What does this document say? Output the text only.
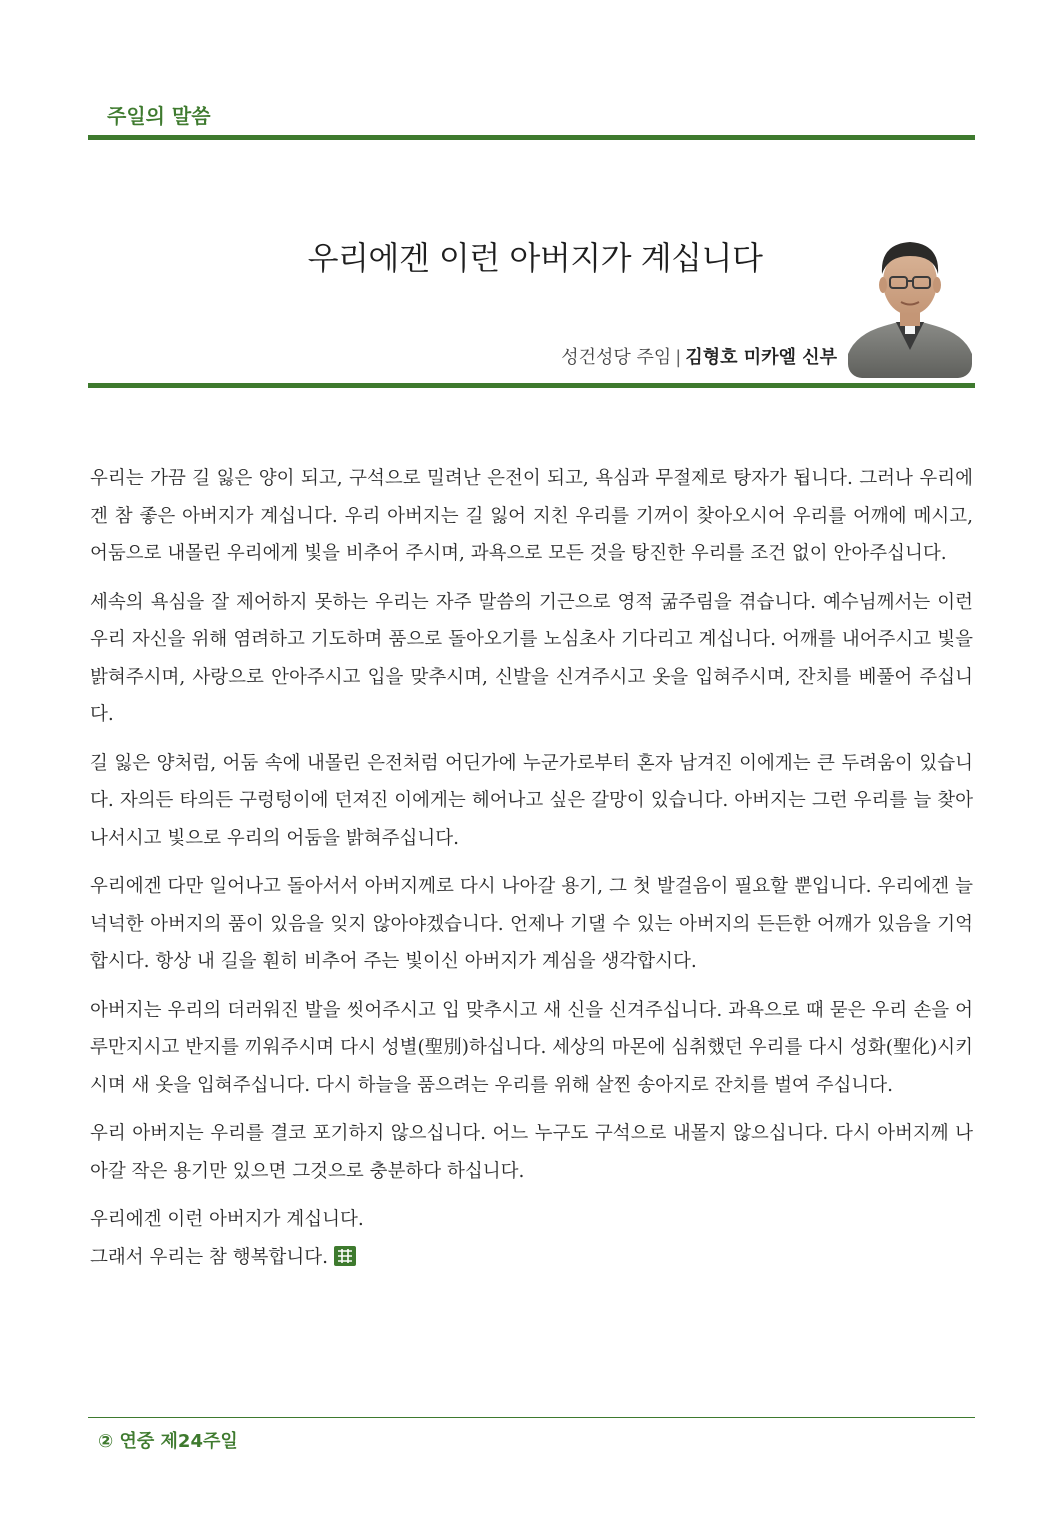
주일의 말씀
우리에겐 이런 아버지가 계십니다
성건성당 주임 | 김형호 미카엘 신부

우리는 가끔 길 잃은 양이 되고, 구석으로 밀려난 은전이 되고, 욕심과 무절제로 탕자가 됩니다. 그러나 우리에겐 참 좋은 아버지가 계십니다. 우리 아버지는 길 잃어 지친 우리를 기꺼이 찾아오시어 우리를 어깨에 메시고, 어둠으로 내몰린 우리에게 빛을 비추어 주시며, 과욕으로 모든 것을 탕진한 우리를 조건 없이 안아주십니다.

세속의 욕심을 잘 제어하지 못하는 우리는 자주 말씀의 기근으로 영적 굶주림을 겪습니다. 예수님께서는 이런 우리 자신을 위해 염려하고 기도하며 품으로 돌아오기를 노심초사 기다리고 계십니다. 어깨를 내어주시고 빛을 밝혀주시며, 사랑으로 안아주시고 입을 맞추시며, 신발을 신겨주시고 옷을 입혀주시며, 잔치를 베풀어 주십니다.

길 잃은 양처럼, 어둠 속에 내몰린 은전처럼 어딘가에 누군가로부터 혼자 남겨진 이에게는 큰 두려움이 있습니다. 자의든 타의든 구렁텅이에 던져진 이에게는 헤어나고 싶은 갈망이 있습니다. 아버지는 그런 우리를 늘 찾아 나서시고 빛으로 우리의 어둠을 밝혀주십니다.

우리에겐 다만 일어나고 돌아서서 아버지께로 다시 나아갈 용기, 그 첫 발걸음이 필요할 뿐입니다. 우리에겐 늘 넉넉한 아버지의 품이 있음을 잊지 않아야겠습니다. 언제나 기댈 수 있는 아버지의 든든한 어깨가 있음을 기억합시다. 항상 내 길을 훤히 비추어 주는 빛이신 아버지가 계심을 생각합시다.

아버지는 우리의 더러워진 발을 씻어주시고 입 맞추시고 새 신을 신겨주십니다. 과욕으로 때 묻은 우리 손을 어루만지시고 반지를 끼워주시며 다시 성별(聖別)하십니다. 세상의 마몬에 심취했던 우리를 다시 성화(聖化)시키시며 새 옷을 입혀주십니다. 다시 하늘을 품으려는 우리를 위해 살찐 송아지로 잔치를 벌여 주십니다.

우리 아버지는 우리를 결코 포기하지 않으십니다. 어느 누구도 구석으로 내몰지 않으십니다. 다시 아버지께 나아갈 작은 용기만 있으면 그것으로 충분하다 하십니다.

우리에겐 이런 아버지가 계십니다.
그래서 우리는 참 행복합니다.

② 연중 제24주일
